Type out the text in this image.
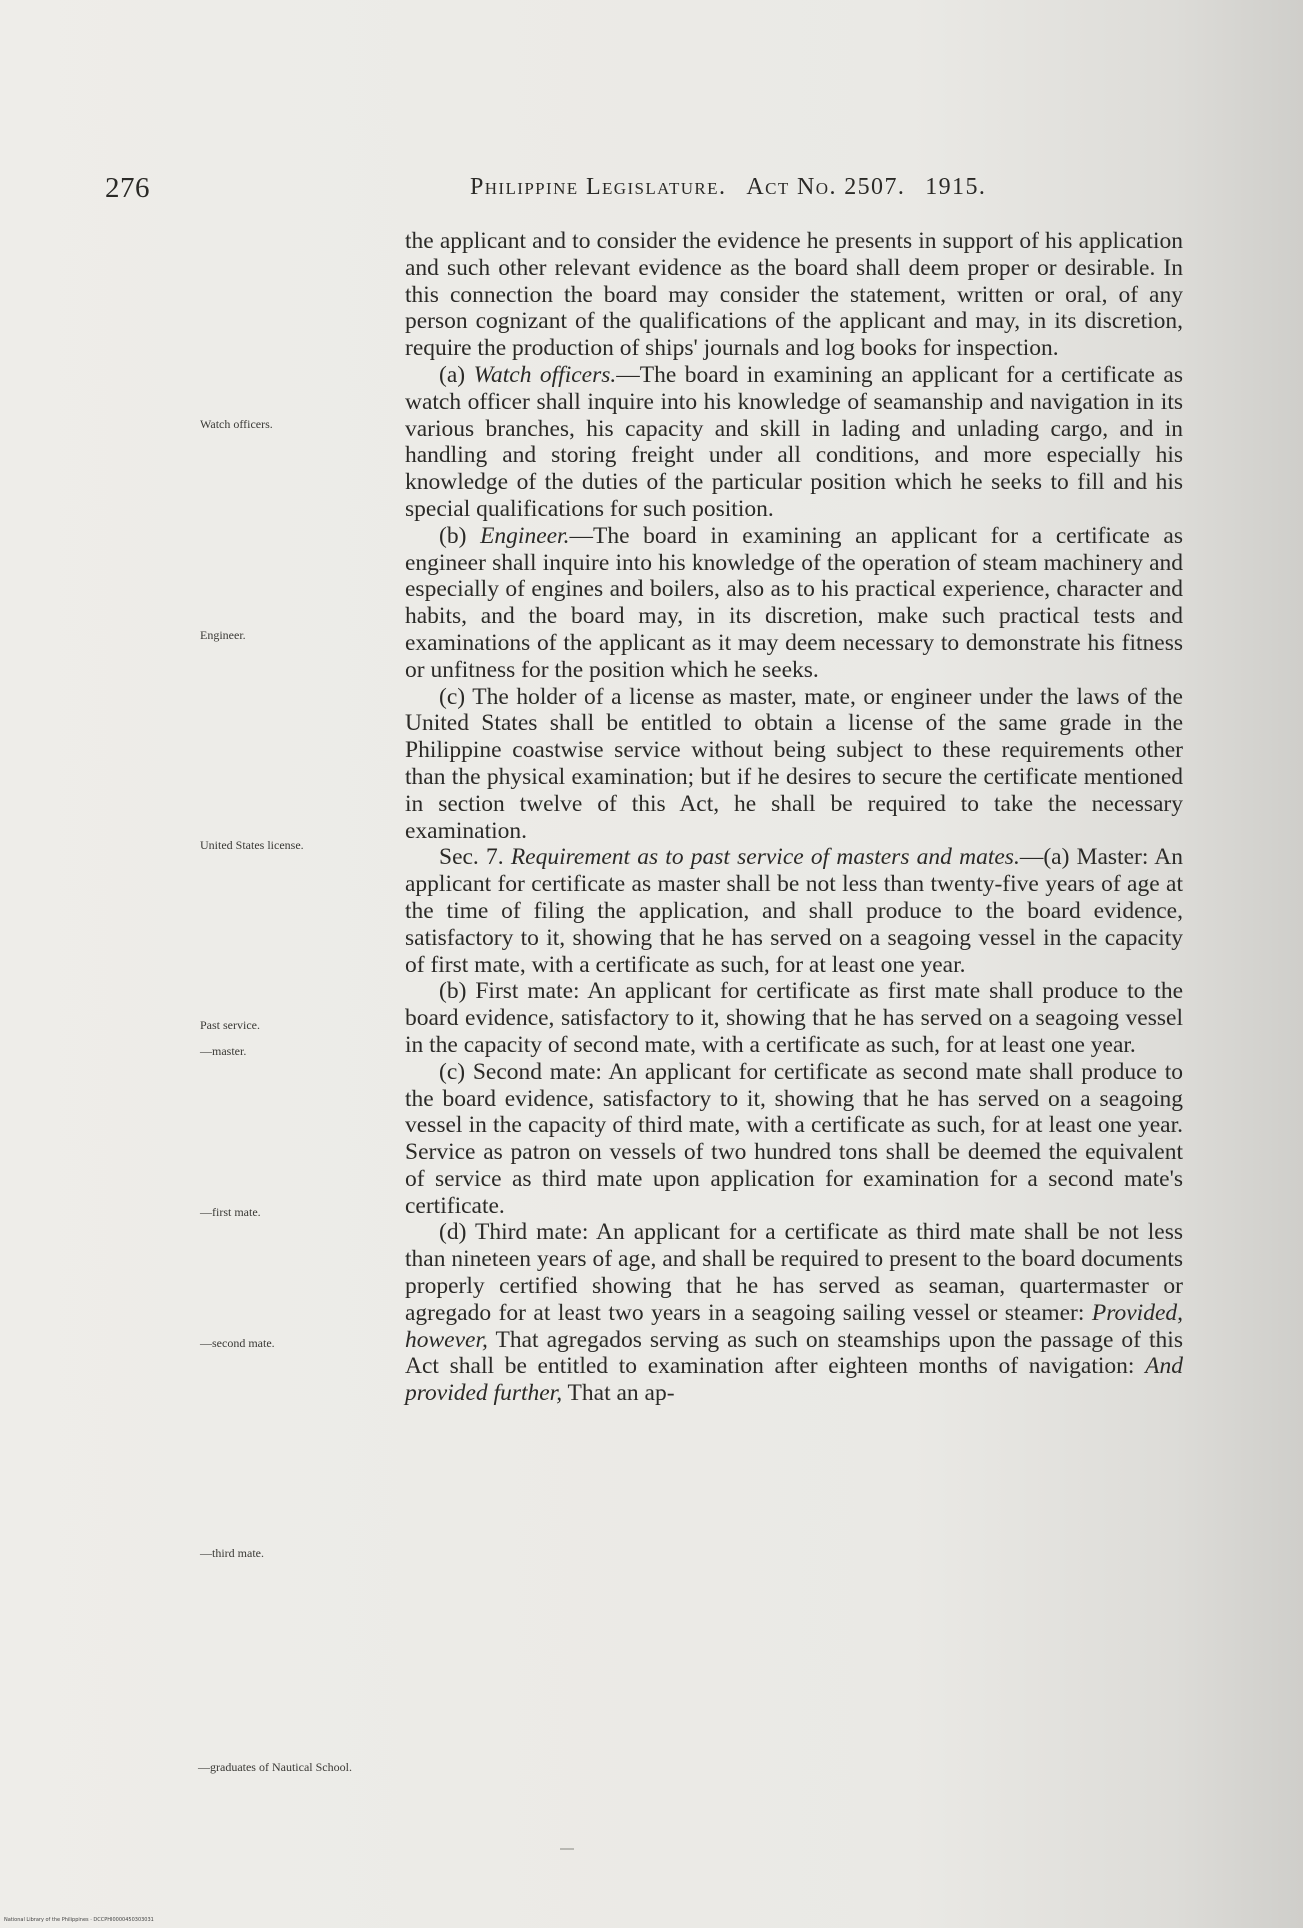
276	Philippine Legislature. Act No. 2507. 1915.
Watch officers.
Engineer.
United States license.
Past service.
—master.
—first mate.
—second mate.
—third mate.
—graduates of Nautical School.

the applicant and to consider the evidence he presents in support of his application and such other relevant evidence as the board shall deem proper or desirable. In this connection the board may consider the statement, written or oral, of any person cognizant of the qualifications of the applicant and may, in its discretion, require the production of ships' journals and log books for inspection.

(a) Watch officers.—The board in examining an applicant for a certificate as watch officer shall inquire into his knowledge of seamanship and navigation in its various branches, his capacity and skill in lading and unlading cargo, and in handling and storing freight under all conditions, and more especially his knowledge of the duties of the particular position which he seeks to fill and his special qualifications for such position.

(b) Engineer.—The board in examining an applicant for a certificate as engineer shall inquire into his knowledge of the operation of steam machinery and especially of engines and boilers, also as to his practical experience, character and habits, and the board may, in its discretion, make such practical tests and examinations of the applicant as it may deem necessary to demonstrate his fitness or unfitness for the position which he seeks.

(c) The holder of a license as master, mate, or engineer under the laws of the United States shall be entitled to obtain a license of the same grade in the Philippine coastwise service without being subject to these requirements other than the physical examination; but if he desires to secure the certificate mentioned in section twelve of this Act, he shall be required to take the necessary examination.

Sec. 7. Requirement as to past service of masters and mates.—(a) Master: An applicant for certificate as master shall be not less than twenty-five years of age at the time of filing the application, and shall produce to the board evidence, satisfactory to it, showing that he has served on a seagoing vessel in the capacity of first mate, with a certificate as such, for at least one year.

(b) First mate: An applicant for certificate as first mate shall produce to the board evidence, satisfactory to it, showing that he has served on a seagoing vessel in the capacity of second mate, with a certificate as such, for at least one year.

(c) Second mate: An applicant for certificate as second mate shall produce to the board evidence, satisfactory to it, showing that he has served on a seagoing vessel in the capacity of third mate, with a certificate as such, for at least one year. Service as patron on vessels of two hundred tons shall be deemed the equivalent of service as third mate upon application for examination for a second mate's certificate.

(d) Third mate: An applicant for a certificate as third mate shall be not less than nineteen years of age, and shall be required to present to the board documents properly certified showing that he has served as seaman, quartermaster or agregado for at least two years in a seagoing sailing vessel or steamer: Provided, however, That agregados serving as such on steamships upon the passage of this Act shall be entitled to examination after eighteen months of navigation: And provided further, That an ap-

National Library of the Philippines · DCCPHI0000450303031
